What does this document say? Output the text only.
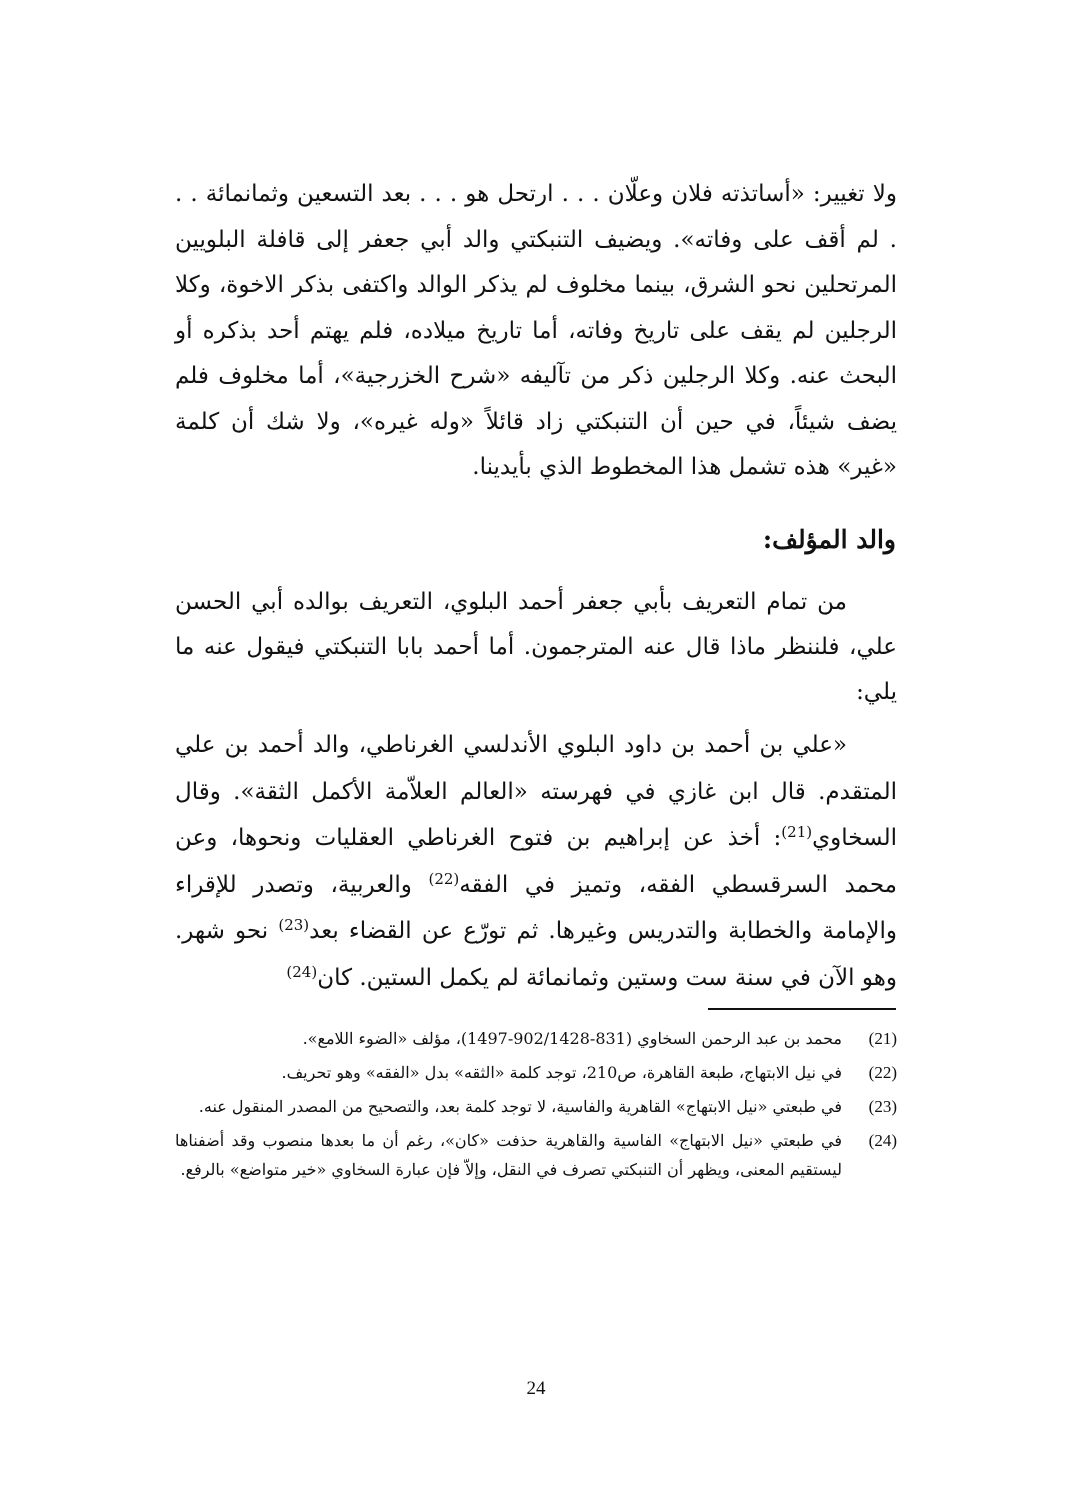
ولا تغيير: «أساتذته فلان وعلّان . . . ارتحل هو . . . بعد التسعين وثمانمائة . . . لم أقف على وفاته». ويضيف التنبكتي والد أبي جعفر إلى قافلة البلويين المرتحلين نحو الشرق، بينما مخلوف لم يذكر الوالد واكتفى بذكر الاخوة، وكلا الرجلين لم يقف على تاريخ وفاته، أما تاريخ ميلاده، فلم يهتم أحد بذكره أو البحث عنه. وكلا الرجلين ذكر من تآليفه «شرح الخزرجية»، أما مخلوف فلم يضف شيئاً، في حين أن التنبكتي زاد قائلاً «وله غيره»، ولا شك أن كلمة «غير» هذه تشمل هذا المخطوط الذي بأيدينا.

والد المؤلف:

من تمام التعريف بأبي جعفر أحمد البلوي، التعريف بوالده أبي الحسن علي، فلننظر ماذا قال عنه المترجمون. أما أحمد بابا التنبكتي فيقول عنه ما يلي:

«علي بن أحمد بن داود البلوي الأندلسي الغرناطي، والد أحمد بن علي المتقدم. قال ابن غازي في فهرسته «العالم العلاّمة الأكمل الثقة». وقال السخاوي$^{(21)}$: أخذ عن إبراهيم بن فتوح الغرناطي العقليات ونحوها، وعن محمد السرقسطي الفقه، وتميز في الفقه$^{(22)}$ والعربية، وتصدر للإقراء والإمامة والخطابة والتدريس وغيرها. ثم تورّع عن القضاء بعد$^{(23)}$ نحو شهر. وهو الآن في سنة ست وستين وثمانمائة لم يكمل الستين. كان$^{(24)}$

(21)
محمد بن عبد الرحمن السخاوي (831-902/1428-1497)، مؤلف «الضوء اللامع».
(22)
في نيل الابتهاج، طبعة القاهرة، ص210، توجد كلمة «الثقه» بدل «الفقه» وهو تحريف.
(23)
في طبعتي «نيل الابتهاج» القاهرية والفاسية، لا توجد كلمة بعد، والتصحيح من المصدر المنقول عنه.
(24)
في طبعتي «نيل الابتهاج» الفاسية والقاهرية حذفت «كان»، رغم أن ما بعدها منصوب وقد أضفناها ليستقيم المعنى، ويظهر أن التنبكتي تصرف في النقل، وإلاّ فإن عبارة السخاوي «خير متواضع» بالرفع.
24
